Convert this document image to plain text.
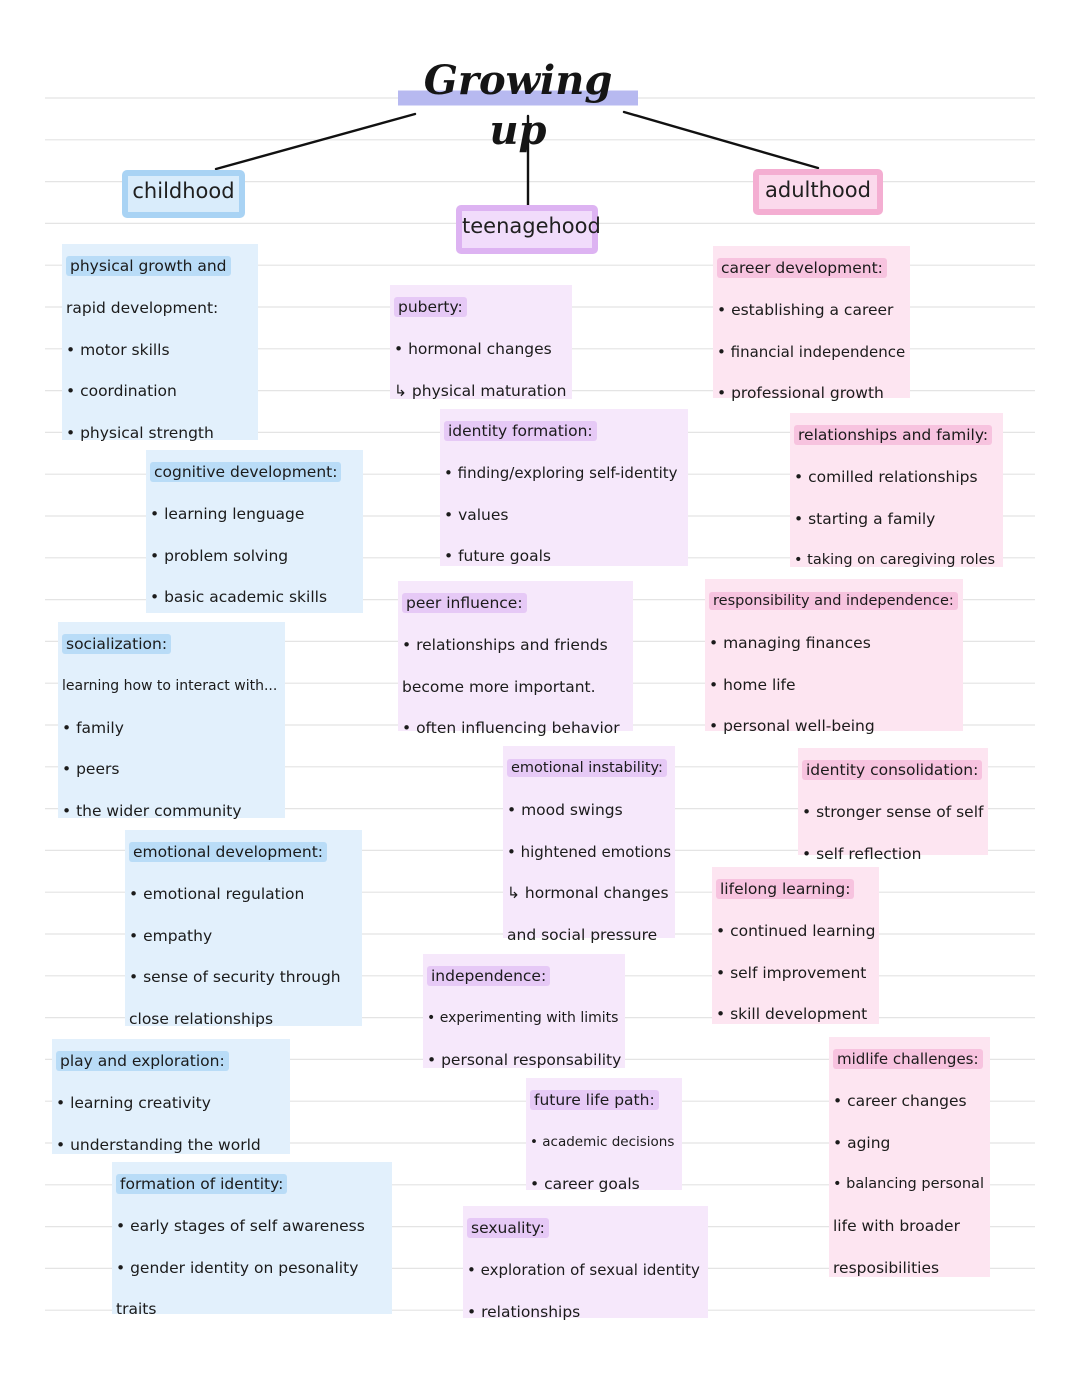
Growing up
childhood
teenagehood
adulthood
physical growth and
rapid development:
• motor skills
• coordination
• physical strength
cognitive development:
• learning lenguage
• problem solving
• basic academic skills
socialization:
learning how to interact with...
• family
• peers
• the wider community
emotional development:
• emotional regulation
• empathy
• sense of security through
close relationships
play and exploration:
• learning creativity
• understanding the world
formation of identity:
• early stages of self awareness
• gender identity on pesonality
traits
puberty:
• hormonal changes
↳ physical maturation
identity formation:
• finding/exploring self-identity
• values
• future goals
peer influence:
• relationships and friends
become more important.
• often influencing behavior
emotional instability:
• mood swings
• hightened emotions
↳ hormonal changes
and social pressure
independence:
• experimenting with limits
• personal responsability
future life path:
• academic decisions
• career goals
sexuality:
• exploration of sexual identity
• relationships
career development:
• establishing a career
• financial independence
• professional growth
relationships and family:
• comilled relationships
• starting a family
• taking on caregiving roles
responsibility and independence:
• managing finances
• home life
• personal well-being
identity consolidation:
• stronger sense of self
• self reflection
lifelong learning:
• continued learning
• self improvement
• skill development
midlife challenges:
• career changes
• aging
• balancing personal
life with broader
resposibilities
